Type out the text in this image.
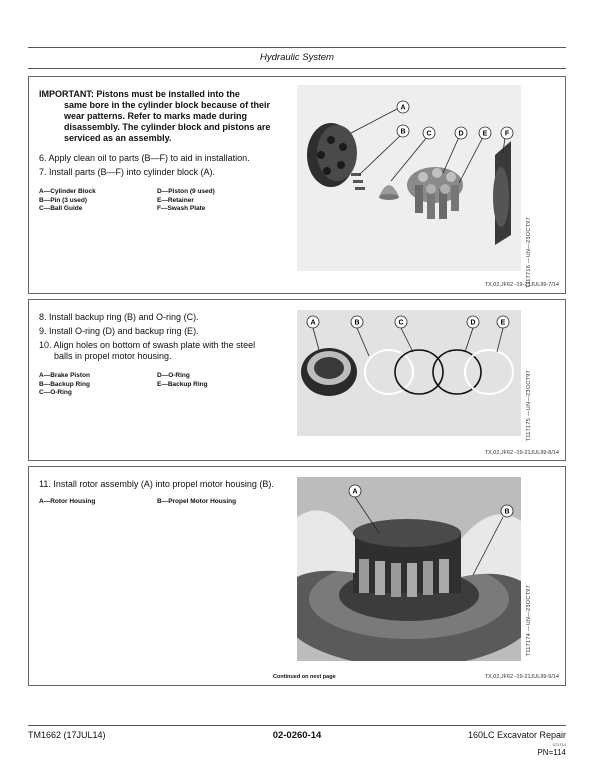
Hydraulic System
IMPORTANT: Pistons must be installed into the
same bore in the cylinder block because of their wear patterns. Refer to marks made during disassembly. The cylinder block and pistons are serviced as an assembly.
6. Apply clean oil to parts (B—F) to aid in installation.
7. Install parts (B—F) into cylinder block (A).
A—Cylinder Block	D—Piston (9 used)
B—Pin (3 used)	E—Retainer
C—Ball Guide	F—Swash Plate
A
B	C	D	E	F
T117716 —UN—23OCT97
TX,02,JF62 -19-21JUL99-7/14
8. Install backup ring (B) and O-ring (C).
9. Install O-ring (D) and backup ring (E).
10. Align holes on bottom of swash plate with the steel
balls in propel motor housing.
A—Brake Piston	D—O-Ring
B—Backup Ring	E—Backup Ring
C—O-Ring
A	B	C	D	E
T117175 —UN—23OCT97
TX,02,JF62 -19-21JUL99-8/14
11. Install rotor assembly (A) into propel motor housing (B).
A—Rotor Housing	B—Propel Motor Housing
A
B
T117174 —UN—23OCT97
Continued on next page	TX,02,JF62 -19-21JUL99-9/14
TM1662 (17JUL14)	02-0260-14	160LC Excavator Repair
071714
PN=114
